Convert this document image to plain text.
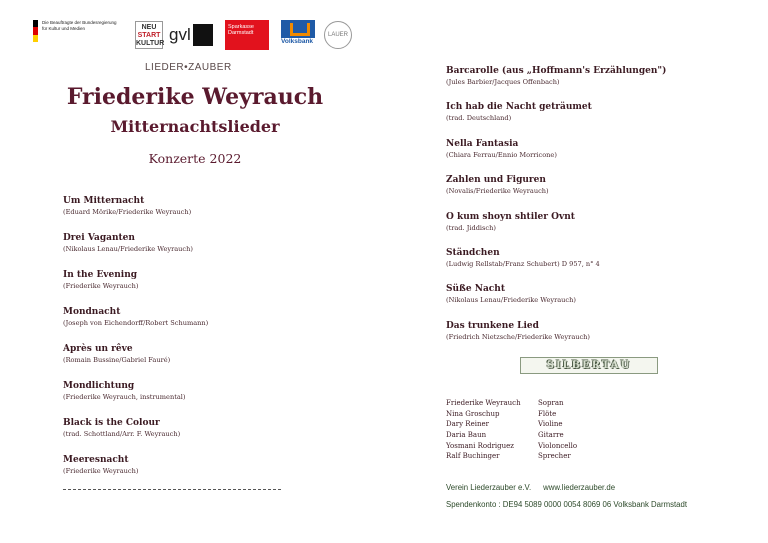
Die Beauftragte der Bundesregierung
für Kultur und Medien	NEU
START
KULTUR gvl	Sparkasse
Darmstadt
Volksbank
LAUER
LIEDER•ZAUBER
Friederike Weyrauch
Mitternachtslieder
Konzerte 2022
Um Mitternacht
(Eduard Mörike/Friederike Weyrauch)
Drei Vaganten
(Nikolaus Lenau/Friederike Weyrauch)
In the Evening
(Friederike Weyrauch)
Mondnacht
(Joseph von Eichendorff/Robert Schumann)
Après un rêve
(Romain Bussine/Gabriel Fauré)
Mondlichtung
(Friederike Weyrauch, instrumental)
Black is the Colour
(trad. Schottland/Arr. F. Weyrauch)
Meeresnacht
(Friederike Weyrauch)
Barcarolle (aus „Hoffmann's Erzählungen")
(Jules Barbier/Jacques Offenbach)
Ich hab die Nacht geträumet
(trad. Deutschland)
Nella Fantasia
(Chiara Ferrau/Ennio Morricone)
Zahlen und Figuren
(Novalis/Friederike Weyrauch)
O kum shoyn shtiler Ovnt
(trad. Jiddisch)
Ständchen
(Ludwig Rellstab/Franz Schubert) D 957, n° 4
Süße Nacht
(Nikolaus Lenau/Friederike Weyrauch)
Das trunkene Lied
(Friedrich Nietzsche/Friederike Weyrauch)
SILBERTAU
Friederike Weyrauch	Sopran
Nina Groschup	Flöte
Dary Reiner	Violine
Daria Baun	Gitarre
Yosmani Rodriguez	Violoncello
Ralf Buchinger	Sprecher
Verein Liederzauber e.V. www.liederzauber.de
Spendenkonto : DE94 5089 0000 0054 8069 06 Volksbank Darmstadt
